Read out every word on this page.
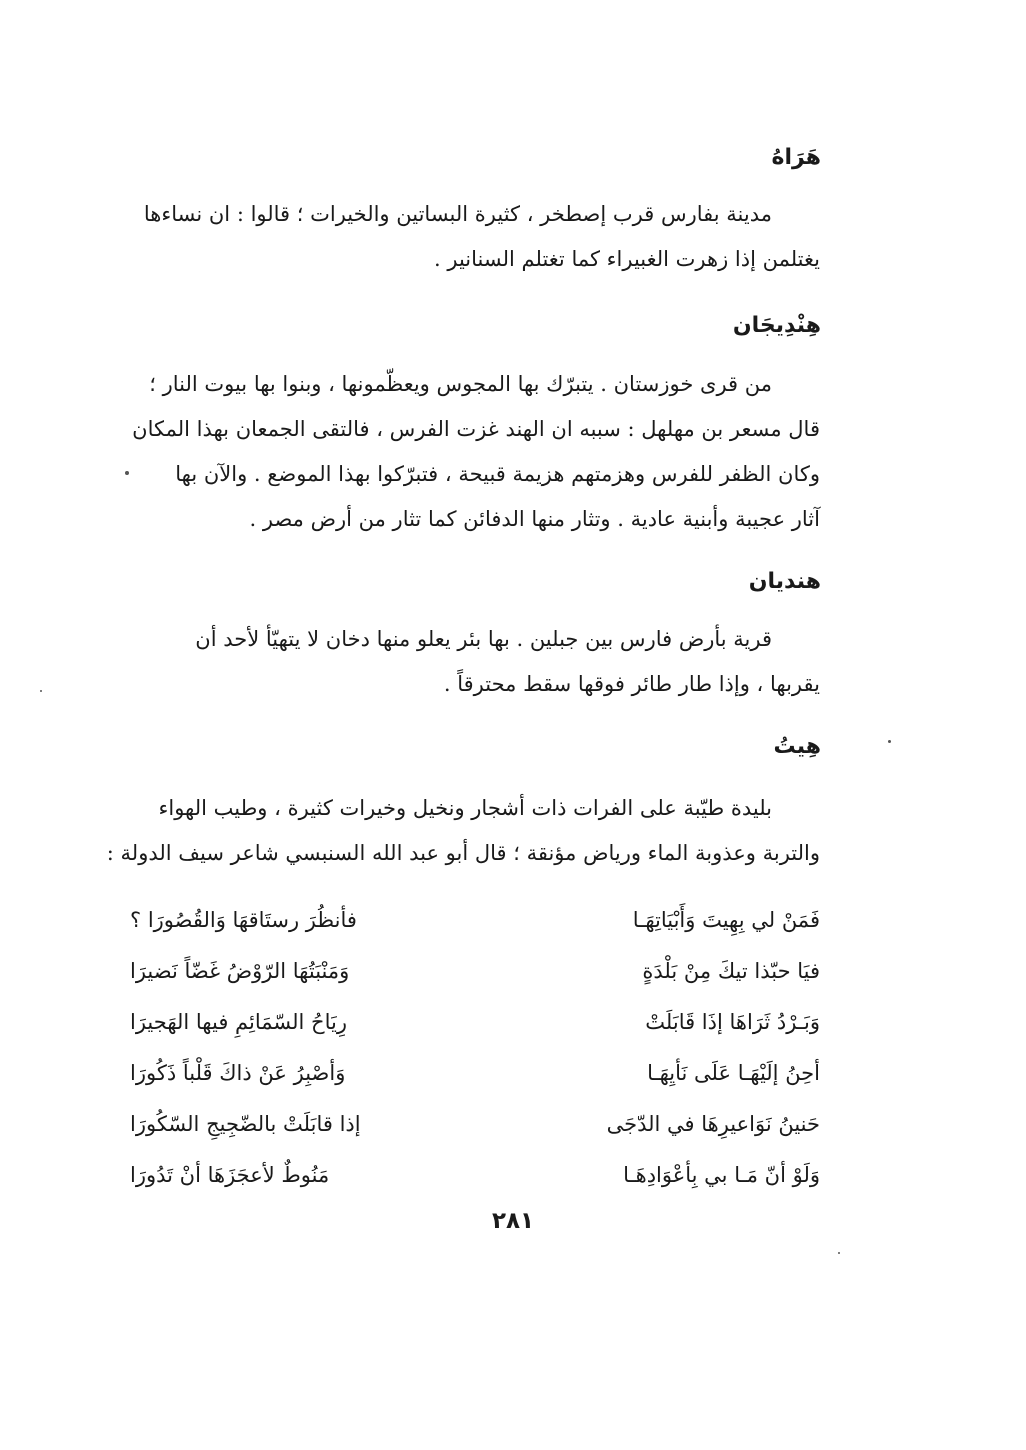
هَرَاهُ
مدينة بفارس قرب إصطخر ، كثيرة البساتين والخيرات ؛ قالوا : ان نساءها
يغتلمن إذا زهرت الغبيراء كما تغتلم السنانير .
هِنْدِيجَان
من قرى خوزستان . يتبرّك بها المجوس ويعظّمونها ، وبنوا بها بيوت النار ؛
قال مسعر بن مهلهل : سببه ان الهند غزت الفرس ، فالتقى الجمعان بهذا المكان
وكان الظفر للفرس وهزمتهم هزيمة قبيحة ، فتبرّكوا بهذا الموضع . والآن بها
آثار عجيبة وأبنية عادية . وتثار منها الدفائن كما تثار من أرض مصر .
هنديان
قرية بأرض فارس بين جبلين . بها بئر يعلو منها دخان لا يتهيّأ لأحد أن
يقربها ، وإذا طار طائر فوقها سقط محترقاً .
هِيتُ
بليدة طيّبة على الفرات ذات أشجار ونخيل وخيرات كثيرة ، وطيب الهواء
والتربة وعذوبة الماء ورياض مؤنقة ؛ قال أبو عبد الله السنبسي شاعر سيف الدولة :
فَمَنْ لي بِهِيتَ وَأَبْيَاتِهَـا
فأنظُرَ رستَاقهَا وَالقُصُورَا ؟
فيَا حبّذا تيكَ مِنْ بَلْدَةٍ
وَمَنْبَتُهَا الرّوْضُ غَضّاً نَضيرَا
وَبَـرْدُ ثَرَاهَا إذَا قَابَلَتْ
رِيَاحُ السّمَائِمِ فيها الهَجيرَا
أحِنُ إلَيْهَـا عَلَى نَأيِهَـا
وَأصْبِرُ عَنْ ذاكَ قَلْباً ذَكُورَا
حَنينُ نَوَاعيرِهَا في الدّجَى
إذا قابَلَتْ بالضّجِيجِ السّكُورَا
وَلَوْ أنّ مَـا بي بِأعْوَادِهَـا
مَنُوطٌ لأعجَزَهَا أنْ تَدُورَا
٢٨١
